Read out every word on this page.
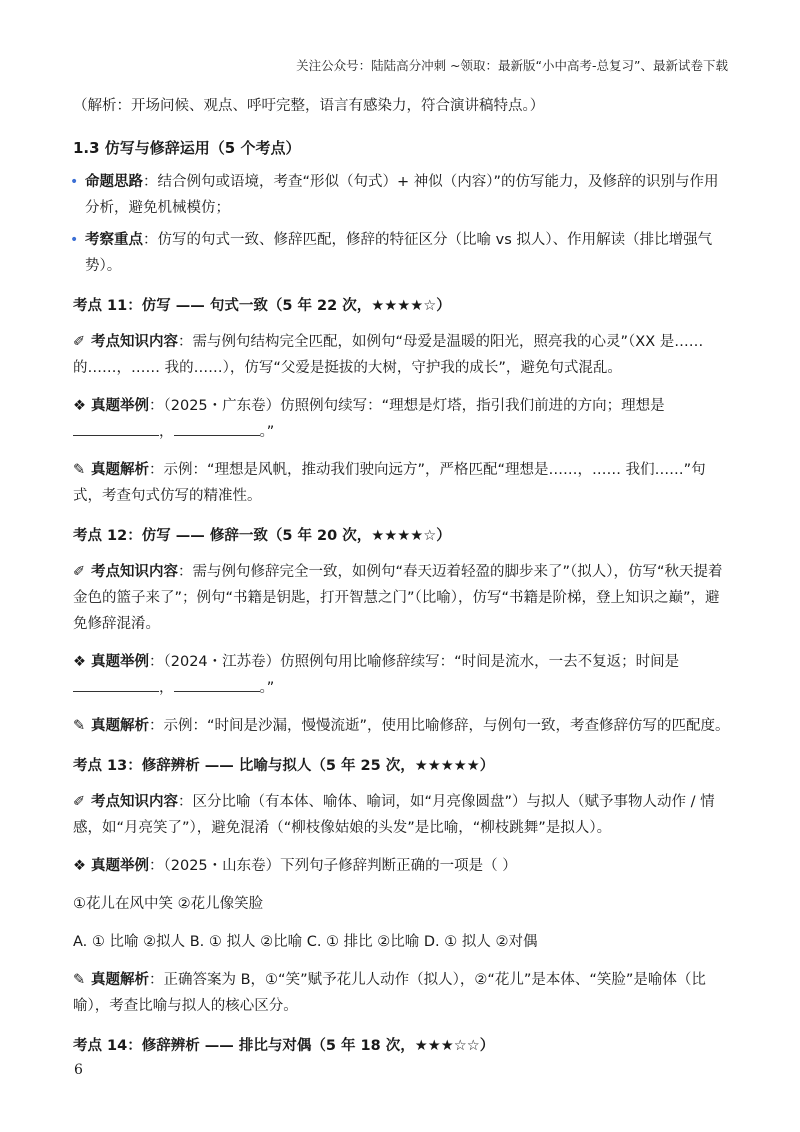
关注公众号：陆陆高分冲刺 ~领取：最新版“小中高考-总复习”、最新试卷下载

（解析：开场问候、观点、呼吁完整，语言有感染力，符合演讲稿特点。）

1.3 仿写与修辞运用（5 个考点）
• 命题思路：结合例句或语境，考查“形似（句式）+ 神似（内容）”的仿写能力，及修辞的识别与作用分析，避免机械模仿；
• 考察重点：仿写的句式一致、修辞匹配，修辞的特征区分（比喻 vs 拟人）、作用解读（排比增强气势）。
考点 11：仿写 —— 句式一致（5 年 22 次，★★★★☆）

✐ 考点知识内容：需与例句结构完全匹配，如例句“母爱是温暖的阳光，照亮我的心灵”（XX 是……的……，…… 我的……），仿写“父爱是挺拔的大树，守护我的成长”，避免句式混乱。

❖ 真题举例：（2025・广东卷）仿照例句续写：“理想是灯塔，指引我们前进的方向；理想是
，	。”

✎ 真题解析：示例：“理想是风帆，推动我们驶向远方”，严格匹配“理想是……，…… 我们……”句式，考查句式仿写的精准性。

考点 12：仿写 —— 修辞一致（5 年 20 次，★★★★☆）

✐ 考点知识内容：需与例句修辞完全一致，如例句“春天迈着轻盈的脚步来了”（拟人），仿写“秋天提着金色的篮子来了”；例句“书籍是钥匙，打开智慧之门”（比喻），仿写“书籍是阶梯，登上知识之巅”，避免修辞混淆。

❖ 真题举例：（2024・江苏卷）仿照例句用比喻修辞续写：“时间是流水，一去不复返；时间是
，	。”

✎ 真题解析：示例：“时间是沙漏，慢慢流逝”，使用比喻修辞，与例句一致，考查修辞仿写的匹配度。

考点 13：修辞辨析 —— 比喻与拟人（5 年 25 次，★★★★★）

✐ 考点知识内容：区分比喻（有本体、喻体、喻词，如“月亮像圆盘”）与拟人（赋予事物人动作 / 情感，如“月亮笑了”），避免混淆（“柳枝像姑娘的头发”是比喻，“柳枝跳舞”是拟人）。

❖ 真题举例：（2025・山东卷）下列句子修辞判断正确的一项是（ ）

①花儿在风中笑 ②花儿像笑脸

A. ① 比喻 ②拟人 B. ① 拟人 ②比喻 C. ① 排比 ②比喻 D. ① 拟人 ②对偶

✎ 真题解析：正确答案为 B，①“笑”赋予花儿人动作（拟人），②“花儿”是本体、“笑脸”是喻体（比喻），考查比喻与拟人的核心区分。

考点 14：修辞辨析 —— 排比与对偶（5 年 18 次，★★★☆☆）
6
